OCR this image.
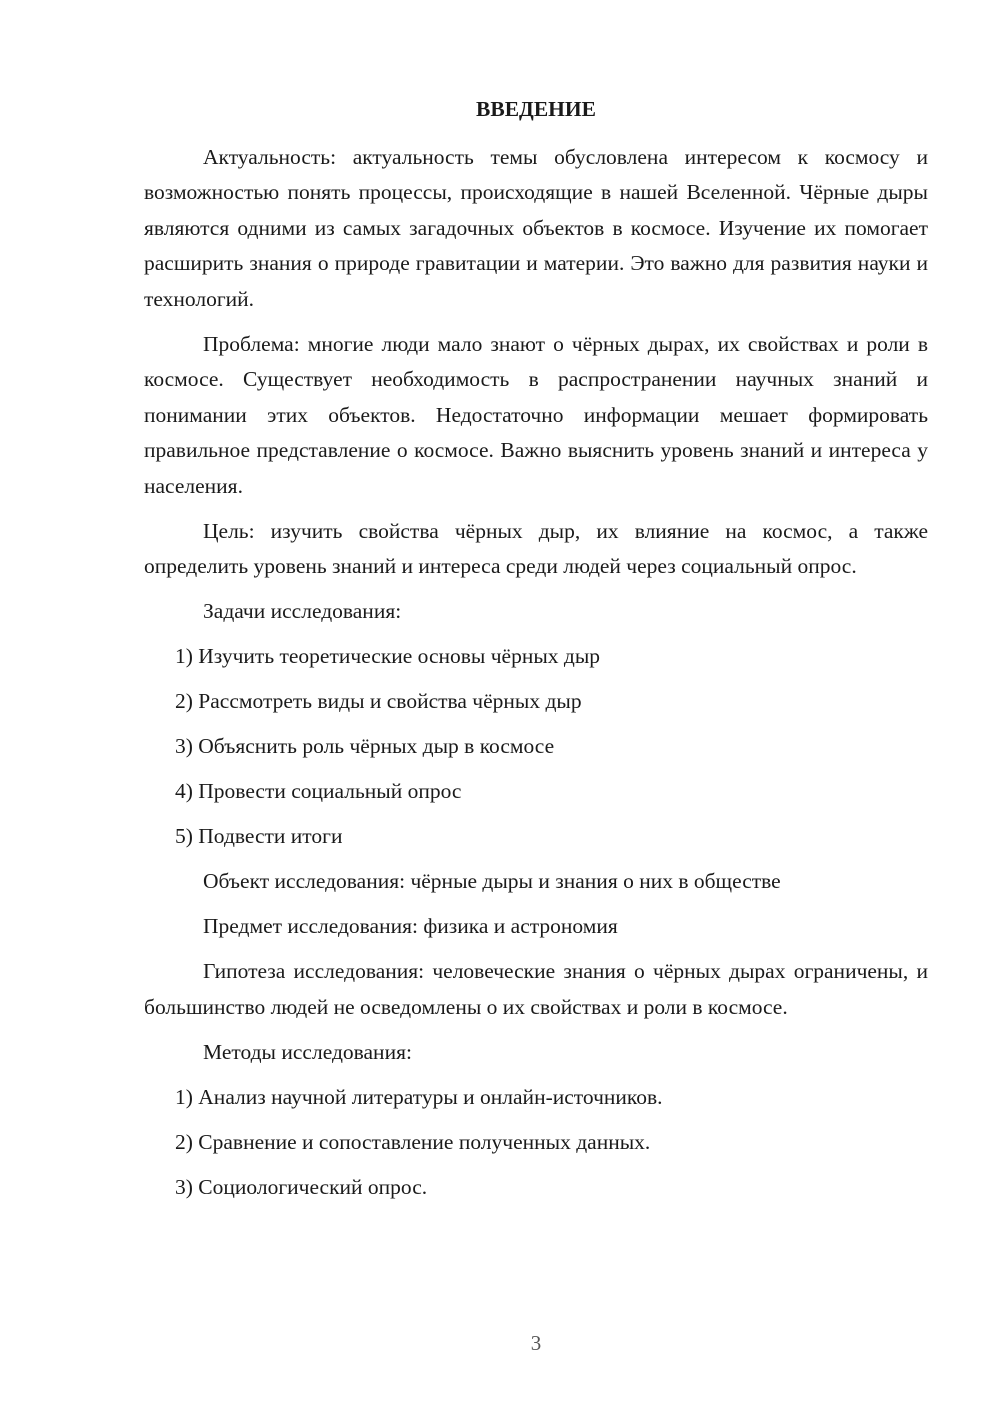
ВВЕДЕНИЕ
Актуальность: актуальность темы обусловлена интересом к космосу и возможностью понять процессы, происходящие в нашей Вселенной. Чёрные дыры являются одними из самых загадочных объектов в космосе. Изучение их помогает расширить знания о природе гравитации и материи. Это важно для развития науки и технологий.
Проблема: многие люди мало знают о чёрных дырах, их свойствах и роли в космосе. Существует необходимость в распространении научных знаний и понимании этих объектов. Недостаточно информации мешает формировать правильное представление о космосе. Важно выяснить уровень знаний и интереса у населения.
Цель: изучить свойства чёрных дыр, их влияние на космос, а также определить уровень знаний и интереса среди людей через социальный опрос.
Задачи исследования:
1) Изучить теоретические основы чёрных дыр
2) Рассмотреть виды и свойства чёрных дыр
3) Объяснить роль чёрных дыр в космосе
4) Провести социальный опрос
5) Подвести итоги
Объект исследования: чёрные дыры и знания о них в обществе
Предмет исследования: физика и астрономия
Гипотеза исследования: человеческие знания о чёрных дырах ограничены, и большинство людей не осведомлены о их свойствах и роли в космосе.
Методы исследования:
1) Анализ научной литературы и онлайн-источников.
2) Сравнение и сопоставление полученных данных.
3) Социологический опрос.
3
